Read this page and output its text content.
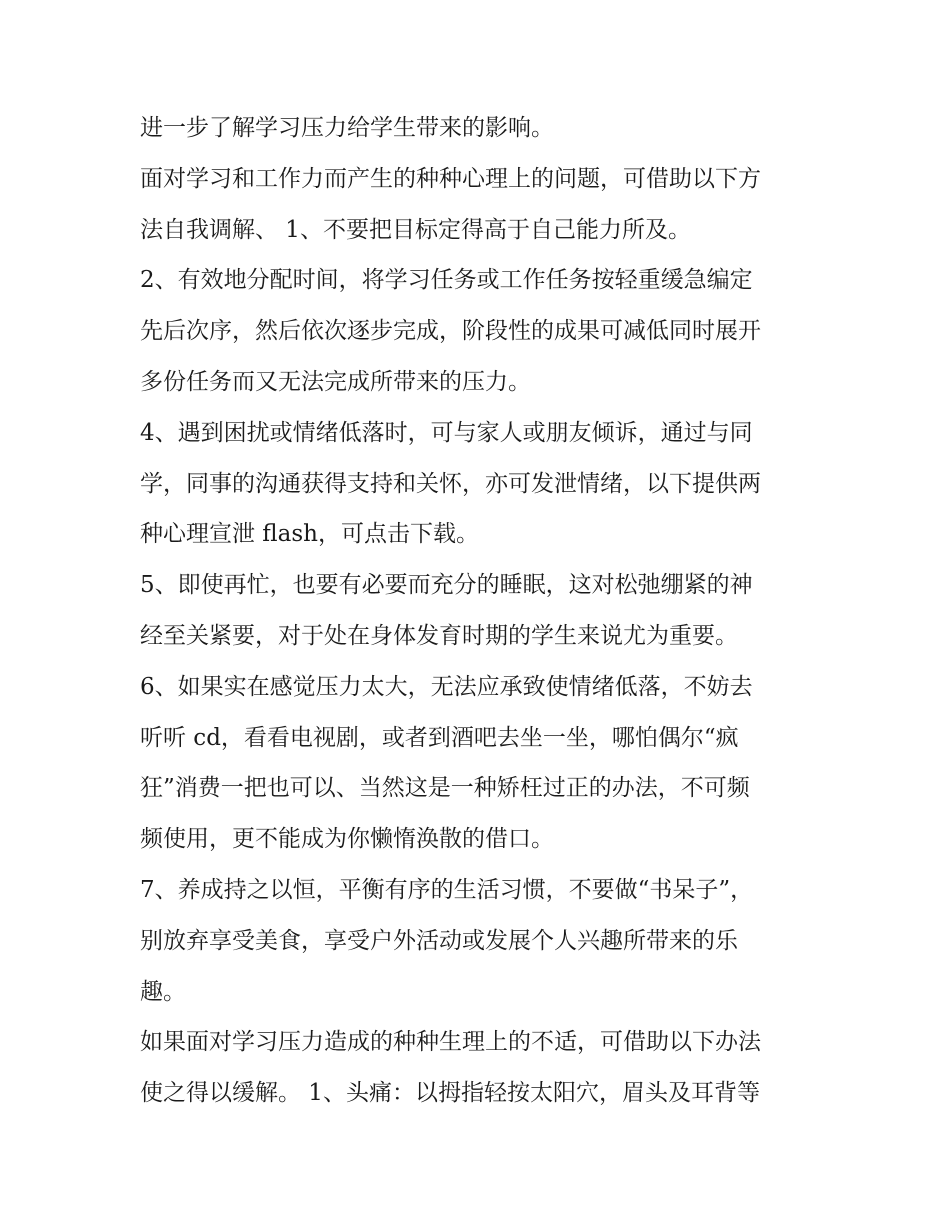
进一步了解学习压力给学生带来的影响。
面对学习和工作力而产生的种种心理上的问题，可借助以下方
法自我调解、 1、不要把目标定得高于自己能力所及。
2、有效地分配时间，将学习任务或工作任务按轻重缓急编定
先后次序，然后依次逐步完成，阶段性的成果可减低同时展开
多份任务而又无法完成所带来的压力。
4、遇到困扰或情绪低落时，可与家人或朋友倾诉，通过与同
学，同事的沟通获得支持和关怀，亦可发泄情绪，以下提供两
种心理宣泄 flash，可点击下载。
5、即使再忙，也要有必要而充分的睡眠，这对松弛绷紧的神
经至关紧要，对于处在身体发育时期的学生来说尤为重要。
6、如果实在感觉压力太大，无法应承致使情绪低落，不妨去
听听 cd，看看电视剧，或者到酒吧去坐一坐，哪怕偶尔“疯
狂”消费一把也可以、当然这是一种矫枉过正的办法，不可频
频使用，更不能成为你懒惰涣散的借口。
7、养成持之以恒，平衡有序的生活习惯，不要做“书呆子”，
别放弃享受美食，享受户外活动或发展个人兴趣所带来的乐
趣。
如果面对学习压力造成的种种生理上的不适，可借助以下办法
使之得以缓解。 1、头痛：以拇指轻按太阳穴，眉头及耳背等
